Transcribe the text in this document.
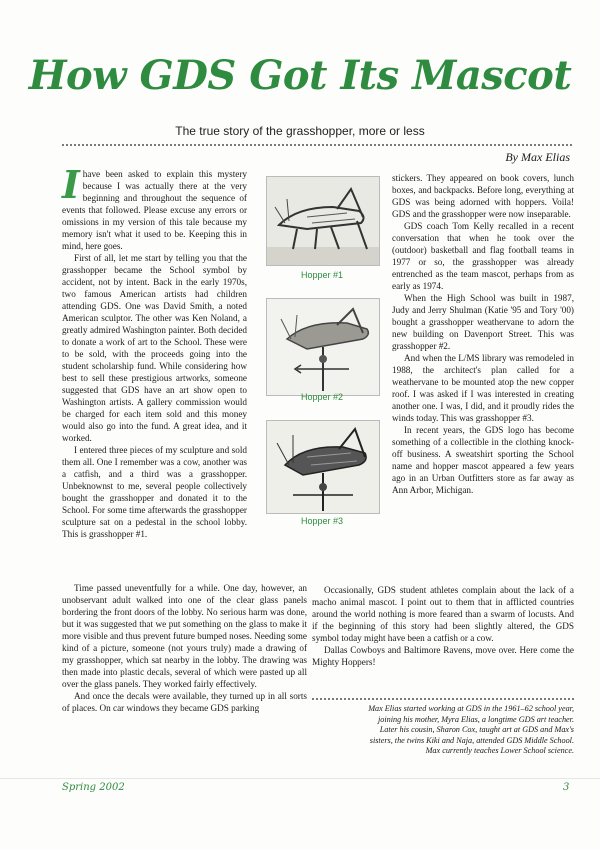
How GDS Got Its Mascot
The true story of the grasshopper, more or less
By Max Elias

Ihave been asked to explain this mystery because I was actually there at the very beginning and throughout the sequence of events that followed. Please excuse any errors or omissions in my version of this tale because my memory isn't what it used to be. Keeping this in mind, here goes.

First of all, let me start by telling you that the grasshopper became the School symbol by accident, not by intent. Back in the early 1970s, two famous American artists had children attending GDS. One was David Smith, a noted American sculptor. The other was Ken Noland, a greatly admired Washington painter. Both decided to donate a work of art to the School. These were to be sold, with the proceeds going into the student scholarship fund. While considering how best to sell these prestigious artworks, someone suggested that GDS have an art show open to Washington artists. A gallery commission would be charged for each item sold and this money would also go into the fund. A great idea, and it worked.

I entered three pieces of my sculpture and sold them all. One I remember was a cow, another was a catfish, and a third was a grasshopper. Unbeknownst to me, several people collectively bought the grasshopper and donated it to the School. For some time afterwards the grasshopper sculpture sat on a pedestal in the school lobby. This is grasshopper #1.

Hopper #1
Hopper #2
Hopper #3

stickers. They appeared on book covers, lunch boxes, and backpacks. Before long, everything at GDS was being adorned with hoppers. Voila! GDS and the grasshopper were now inseparable.

GDS coach Tom Kelly recalled in a recent conversation that when he took over the (outdoor) basketball and flag football teams in 1977 or so, the grasshopper was already entrenched as the team mascot, perhaps from as early as 1974.

When the High School was built in 1987, Judy and Jerry Shulman (Katie '95 and Tory '00) bought a grasshopper weathervane to adorn the new building on Davenport Street. This was grasshopper #2.

And when the L/MS library was remodeled in 1988, the architect's plan called for a weathervane to be mounted atop the new copper roof. I was asked if I was interested in creating another one. I was, I did, and it proudly rides the winds today. This was grasshopper #3.

In recent years, the GDS logo has become something of a collectible in the clothing knock-off business. A sweatshirt sporting the School name and hopper mascot appeared a few years ago in an Urban Outfitters store as far away as Ann Arbor, Michigan.

Time passed uneventfully for a while. One day, however, an unobservant adult walked into one of the clear glass panels bordering the front doors of the lobby. No serious harm was done, but it was suggested that we put something on the glass to make it more visible and thus prevent future bumped noses. Needing some kind of a picture, someone (not yours truly) made a drawing of my grasshopper, which sat nearby in the lobby. The drawing was then made into plastic decals, several of which were pasted up all over the glass panels. They worked fairly effectively.

And once the decals were available, they turned up in all sorts of places. On car windows they became GDS parking

Occasionally, GDS student athletes complain about the lack of a macho animal mascot. I point out to them that in afflicted countries around the world nothing is more feared than a swarm of locusts. And if the beginning of this story had been slightly altered, the GDS symbol today might have been a catfish or a cow.

Dallas Cowboys and Baltimore Ravens, move over. Here come the Mighty Hoppers!

Max Elias started working at GDS in the 1961–62 school year,
joining his mother, Myra Elias, a longtime GDS art teacher.
Later his cousin, Sharon Cox, taught art at GDS and Max's
sisters, the twins Kiki and Naja, attended GDS Middle School.
Max currently teaches Lower School science.
Spring 2002	3
